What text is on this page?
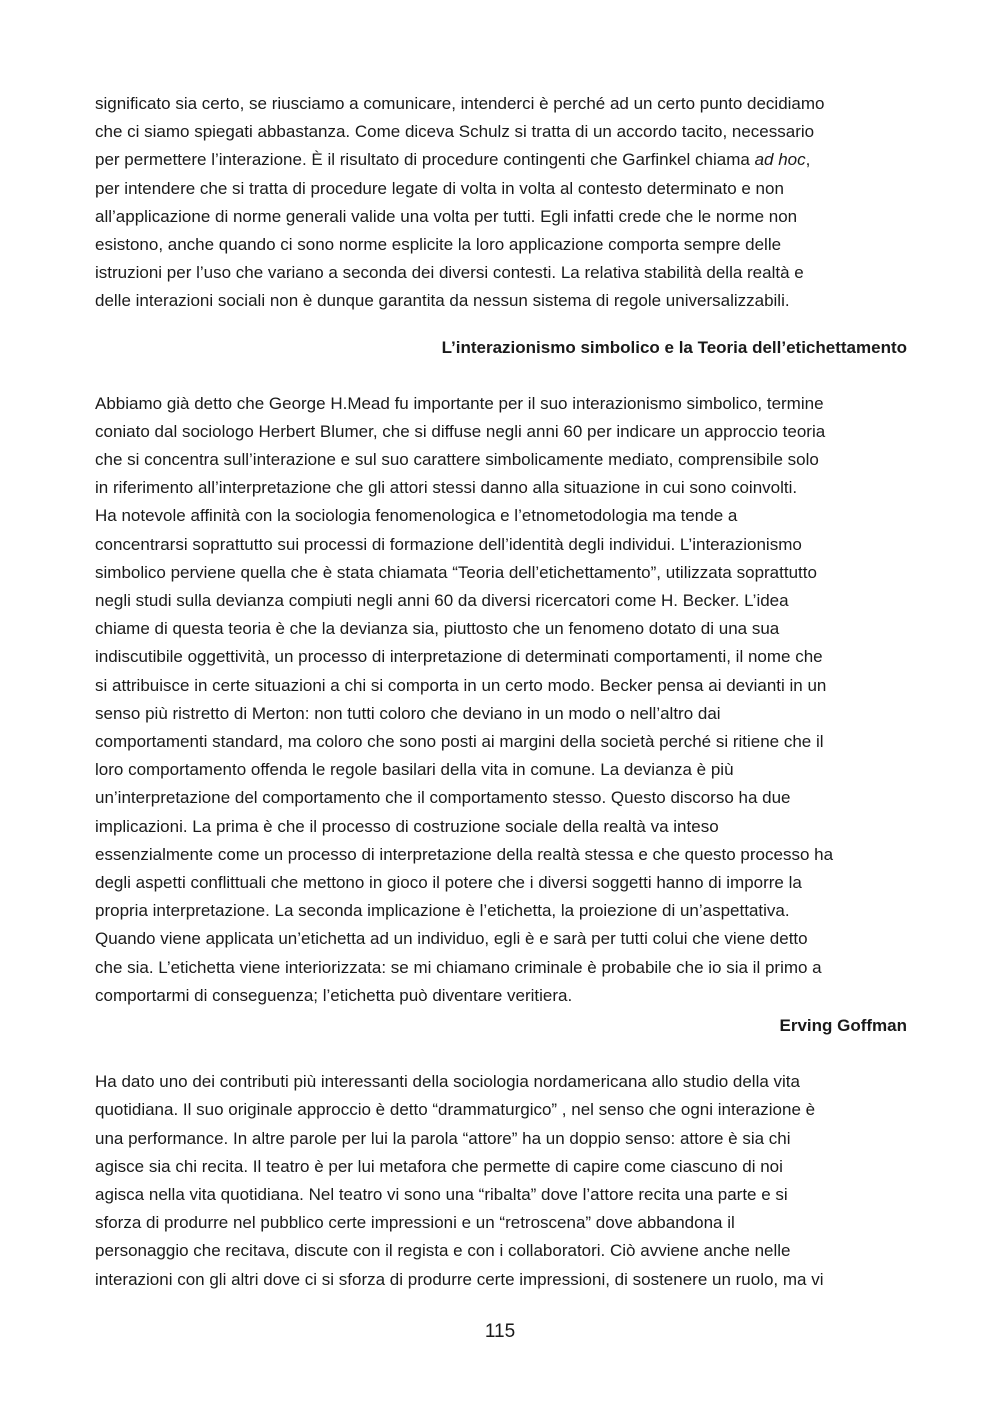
significato sia certo, se riusciamo a comunicare, intenderci è perché ad un certo punto decidiamo
che ci siamo spiegati abbastanza. Come diceva Schulz si tratta di un accordo tacito, necessario
per permettere l’interazione. È il risultato di procedure contingenti che Garfinkel chiama ad hoc,
per intendere che si tratta di procedure legate di volta in volta al contesto determinato e non
all’applicazione di norme generali valide una volta per tutti. Egli infatti crede che le norme non
esistono, anche quando ci sono norme esplicite la loro applicazione comporta sempre delle
istruzioni per l’uso che variano a seconda dei diversi contesti. La relativa stabilità della realtà e
delle interazioni sociali non è dunque garantita da nessun sistema di regole universalizzabili.
L’interazionismo simbolico e la Teoria dell’etichettamento
Abbiamo già detto che George H.Mead fu importante per il suo interazionismo simbolico, termine
coniato dal sociologo Herbert Blumer, che si diffuse negli anni 60 per indicare un approccio teoria
che si concentra sull’interazione e sul suo carattere simbolicamente mediato, comprensibile solo
in riferimento all’interpretazione che gli attori stessi danno alla situazione in cui sono coinvolti.
Ha notevole affinità con la sociologia fenomenologica e l’etnometodologia ma tende a
concentrarsi soprattutto sui processi di formazione dell’identità degli individui. L’interazionismo
simbolico perviene quella che è stata chiamata “Teoria dell’etichettamento”, utilizzata soprattutto
negli studi sulla devianza compiuti negli anni 60 da diversi ricercatori come H. Becker. L’idea
chiame di questa teoria è che la devianza sia, piuttosto che un fenomeno dotato di una sua
indiscutibile oggettività, un processo di interpretazione di determinati comportamenti, il nome che
si attribuisce in certe situazioni a chi si comporta in un certo modo. Becker pensa ai devianti in un
senso più ristretto di Merton: non tutti coloro che deviano in un modo o nell’altro dai
comportamenti standard, ma coloro che sono posti ai margini della società perché si ritiene che il
loro comportamento offenda le regole basilari della vita in comune. La devianza è più
un’interpretazione del comportamento che il comportamento stesso. Questo discorso ha due
implicazioni. La prima è che il processo di costruzione sociale della realtà va inteso
essenzialmente come un processo di interpretazione della realtà stessa e che questo processo ha
degli aspetti conflittuali che mettono in gioco il potere che i diversi soggetti hanno di imporre la
propria interpretazione. La seconda implicazione è l’etichetta, la proiezione di un’aspettativa.
Quando viene applicata un’etichetta ad un individuo, egli è e sarà per tutti colui che viene detto
che sia. L’etichetta viene interiorizzata: se mi chiamano criminale è probabile che io sia il primo a
comportarmi di conseguenza; l’etichetta può diventare veritiera.
Erving Goffman
Ha dato uno dei contributi più interessanti della sociologia nordamericana allo studio della vita
quotidiana. Il suo originale approccio è detto “drammaturgico” , nel senso che ogni interazione è
una performance. In altre parole per lui la parola “attore” ha un doppio senso: attore è sia chi
agisce sia chi recita. Il teatro è per lui metafora che permette di capire come ciascuno di noi
agisca nella vita quotidiana. Nel teatro vi sono una “ribalta” dove l’attore recita una parte e si
sforza di produrre nel pubblico certe impressioni e un “retroscena” dove abbandona il
personaggio che recitava, discute con il regista e con i collaboratori. Ciò avviene anche nelle
interazioni con gli altri dove ci si sforza di produrre certe impressioni, di sostenere un ruolo, ma vi
115
